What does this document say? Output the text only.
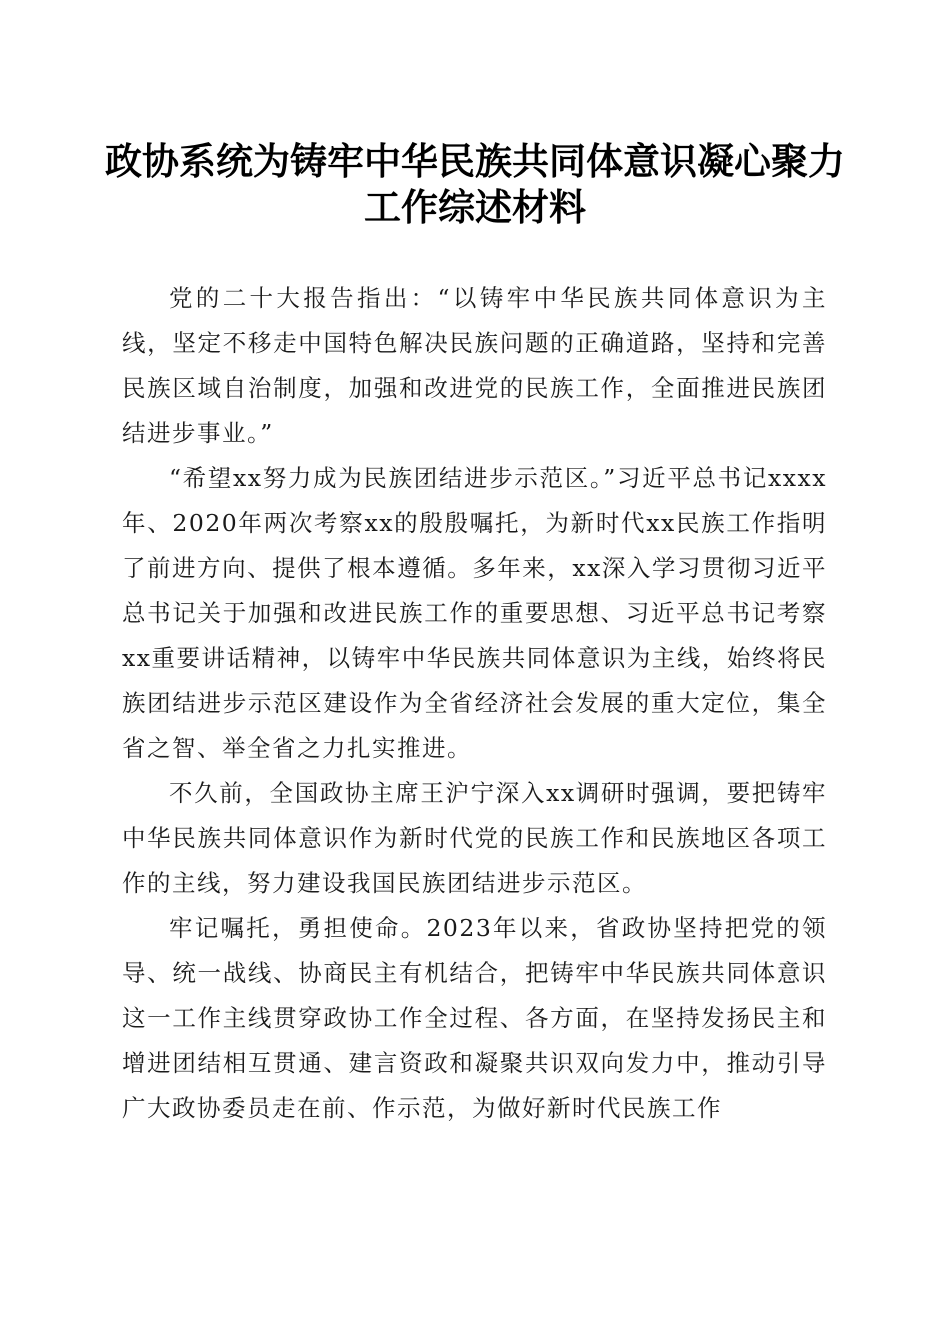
政协系统为铸牢中华民族共同体意识凝心聚力
工作综述材料

党的二十大报告指出：“以铸牢中华民族共同体意识为主线，坚定不移走中国特色解决民族问题的正确道路，坚持和完善民族区域自治制度，加强和改进党的民族工作，全面推进民族团结进步事业。”

“希望xx努力成为民族团结进步示范区。”习近平总书记xxxx年、2020年两次考察xx的殷殷嘱托，为新时代xx民族工作指明了前进方向、提供了根本遵循。多年来，xx深入学习贯彻习近平总书记关于加强和改进民族工作的重要思想、习近平总书记考察xx重要讲话精神，以铸牢中华民族共同体意识为主线，始终将民族团结进步示范区建设作为全省经济社会发展的重大定位，集全省之智、举全省之力扎实推进。

不久前，全国政协主席王沪宁深入xx调研时强调，要把铸牢中华民族共同体意识作为新时代党的民族工作和民族地区各项工作的主线，努力建设我国民族团结进步示范区。

牢记嘱托，勇担使命。2023年以来，省政协坚持把党的领导、统一战线、协商民主有机结合，把铸牢中华民族共同体意识这一工作主线贯穿政协工作全过程、各方面，在坚持发扬民主和增进团结相互贯通、建言资政和凝聚共识双向发力中，推动引导广大政协委员走在前、作示范，为做好新时代民族工作
